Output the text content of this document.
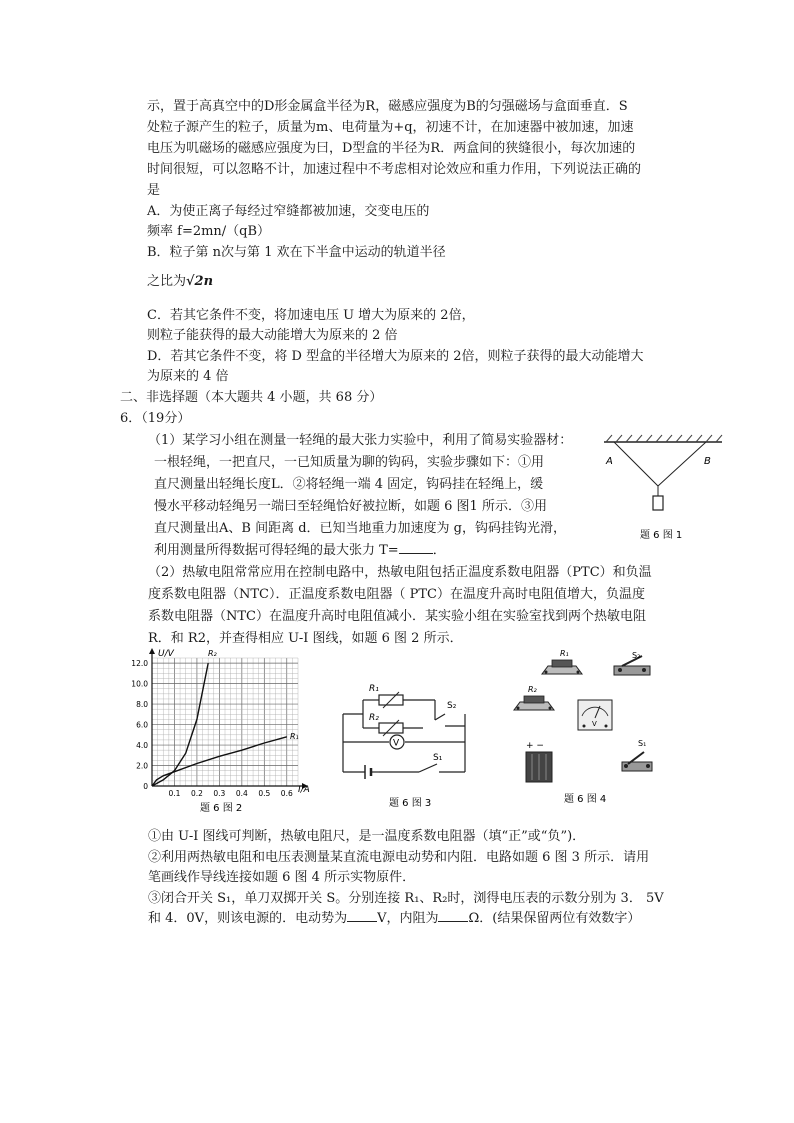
示，置于高真空中的D形金属盒半径为R，磁感应强度为B的匀强磁场与盒面垂直．S
处粒子源产生的粒子，质量为m、电荷量为+q，初速不计，在加速器中被加速，加速
电压为叽磁场的磁感应强度为曰，D型盒的半径为R．两盒间的狭缝很小，每次加速的
时间很短，可以忽略不计，加速过程中不考虑相对论效应和重力作用，下列说法正确的
是
A．为使正离子每经过窄缝都被加速，交变电压的
频率 f=2mn/（qB）
B．粒子第 n次与第 1 欢在下半盒中运动的轨道半径
之比为√2n
C．若其它条件不变，将加速电压 U 增大为原来的 2倍，
则粒子能获得的最大动能增大为原来的 2 倍
D．若其它条件不变，将 D 型盒的半径增大为原来的 2倍，则粒子获得的最大动能增大
为原来的 4 倍
二、非选择题（本大题共 4 小题，共 68 分）
6．（19分）
（1）某学习小组在测量一轻绳的最大张力实验中，利用了简易实验器材：
一根轻绳，一把直尺，一已知质量为聊的钩码，实验步骤如下：①用
直尺测量出轻绳长度L．②将轻绳一端 4 固定，钩码挂在轻绳上，缓
慢水平移动轻绳另一端曰至轻绳恰好被拉断，如题 6 图1 所示．③用
直尺测量出A、B 间距离 d．已知当地重力加速度为 g，钩码挂钩光滑，
利用测量所得数据可得轻绳的最大张力 T=	．
A	B
题 6 图 1
（2）热敏电阻常常应用在控制电路中，热敏电阻包括正温度系数电阻器（PTC）和负温
度系数电阻器（NTC）．正温度系数电阻器（ PTC）在温度升高时电阻值增大，负温度
系数电阻器（NTC）在温度升高时电阻值减小．某实验小组在实验室找到两个热敏电阻
R．和 R2，并查得相应 U-I 图线，如题 6 图 2 所示．
12.0
10.0
8.0
6.0
4.0
2.0
0
0.1 0.2 0.3 0.4 0.5 0.6
U/V
I/A
R₂
R₁
题 6 图 2
V
R₁
R₂
S₂
S₁
题 6 图 3
R₁	S₂
R₂
V
+ −	S₁
题 6 图 4
①由 U-I 图线可判断，热敏电阻尺，是一温度系数电阻器（填“正”或“负”)．
②利用两热敏电阻和电压表测量某直流电源电动势和内阻．电路如题 6 图 3 所示．请用
笔画线作导线连接如题 6 图 4 所示实物原件．
③闭合开关 S₁，单刀双掷开关 S。分别连接 R₁、R₂时，浏得电压表的示数分别为 3． 5V
和 4．0V，则该电源的．电动势为 V，内阻为 Ω．(结果保留两位有效数字）
